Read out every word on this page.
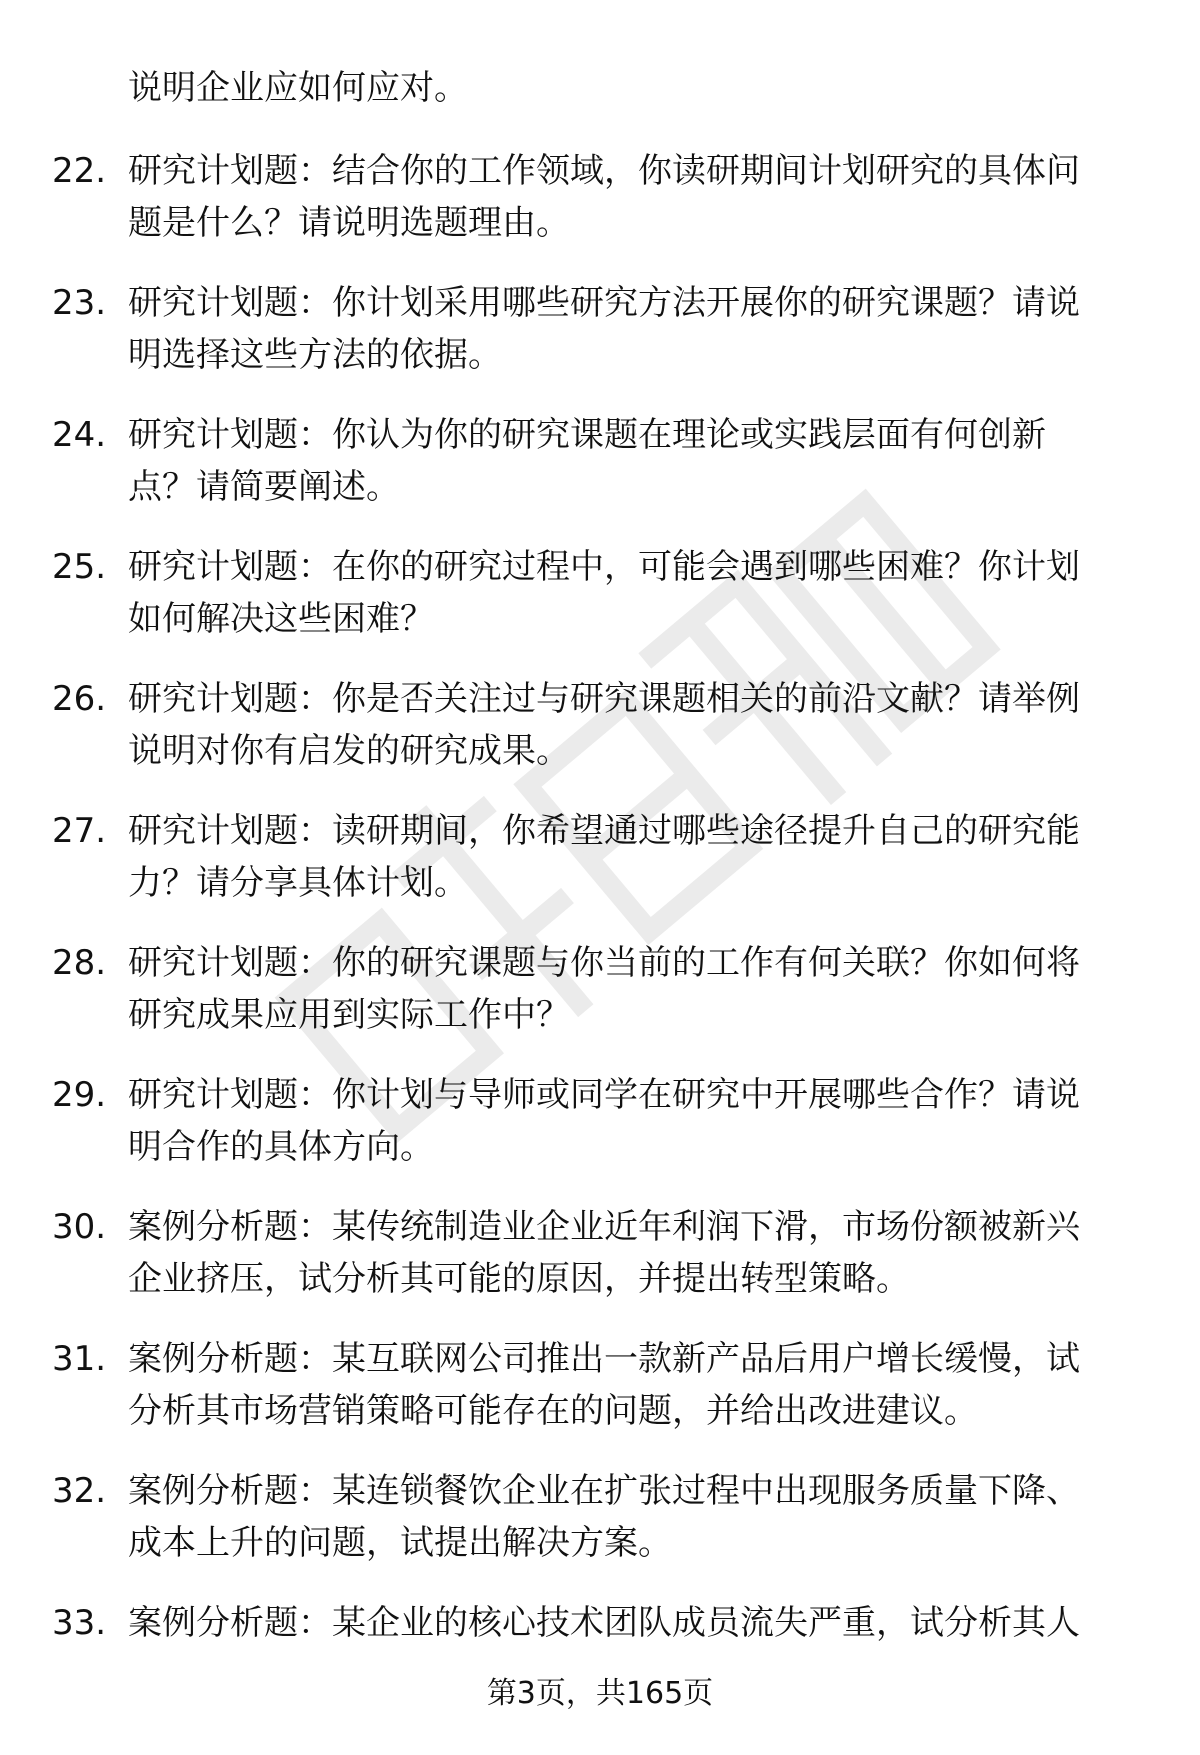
说明企业应如何应对。
22. 研究计划题：结合你的工作领域，你读研期间计划研究的具体问
题是什么？请说明选题理由。
23. 研究计划题：你计划采用哪些研究方法开展你的研究课题？请说
明选择这些方法的依据。
24. 研究计划题：你认为你的研究课题在理论或实践层面有何创新
点？请简要阐述。
25. 研究计划题：在你的研究过程中，可能会遇到哪些困难？你计划
如何解决这些困难？
26. 研究计划题：你是否关注过与研究课题相关的前沿文献？请举例
说明对你有启发的研究成果。
27. 研究计划题：读研期间，你希望通过哪些途径提升自己的研究能
力？请分享具体计划。
28. 研究计划题：你的研究课题与你当前的工作有何关联？你如何将
研究成果应用到实际工作中？
29. 研究计划题：你计划与导师或同学在研究中开展哪些合作？请说
明合作的具体方向。
30. 案例分析题：某传统制造业企业近年利润下滑，市场份额被新兴
企业挤压，试分析其可能的原因，并提出转型策略。
31. 案例分析题：某互联网公司推出一款新产品后用户增长缓慢，试
分析其市场营销策略可能存在的问题，并给出改进建议。
32. 案例分析题：某连锁餐饮企业在扩张过程中出现服务质量下降、
成本上升的问题，试提出解决方案。
33. 案例分析题：某企业的核心技术团队成员流失严重，试分析其人
第3页，共165页
